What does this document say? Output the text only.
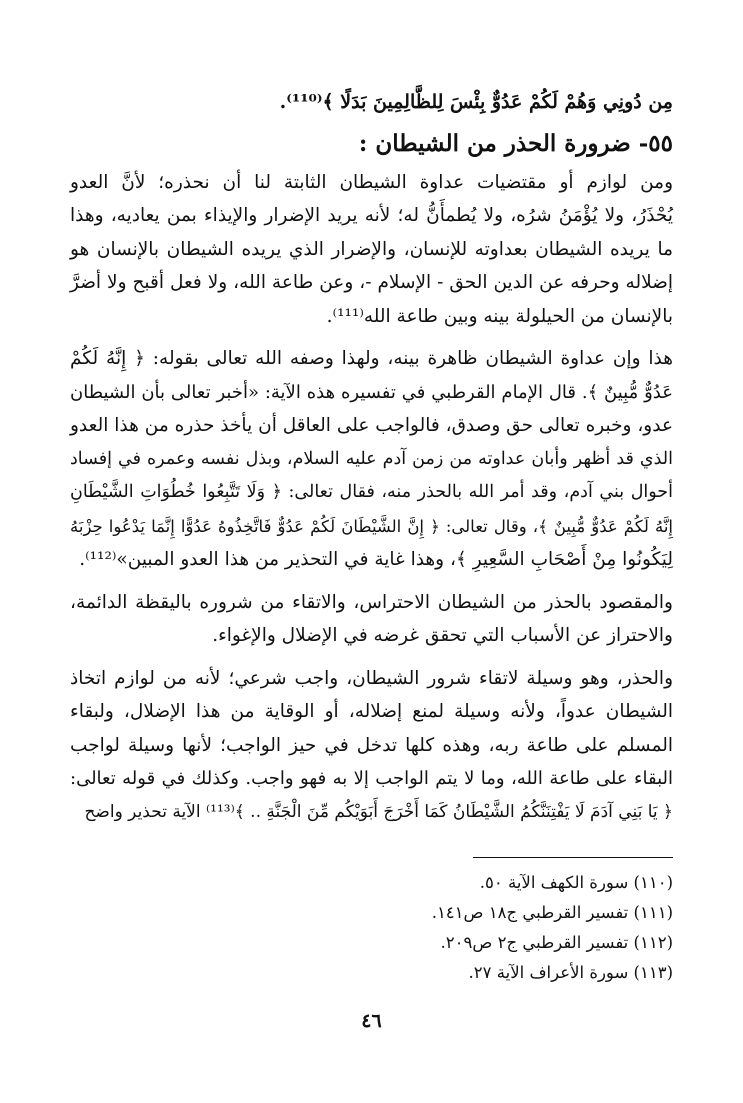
مِن دُونِي وَهُمْ لَكُمْ عَدُوٌّ بِئْسَ لِلظَّالِمِينَ بَدَلًا ﴾⁽¹¹⁰⁾.

٥٥- ضرورة الحذر من الشيطان :

ومن لوازم أو مقتضيات عداوة الشيطان الثابتة لنا أن نحذره؛ لأنَّ العدو

يُحْذَرُ، ولا يُؤْمَنُ شرُه، ولا يُطمأَنُّ له؛ لأنه يريد الإضرار والإيذاء بمن يعاديه، وهذا

ما يريده الشيطان بعداوته للإنسان، والإضرار الذي يريده الشيطان بالإنسان هو

إضلاله وحرفه عن الدين الحق - الإسلام -، وعن طاعة الله، ولا فعل أقبح ولا أضرَّ

بالإنسان من الحيلولة بينه وبين طاعة الله⁽¹¹¹⁾.

هذا وإن عداوة الشيطان ظاهرة بينه، ولهذا وصفه الله تعالى بقوله: ﴿ إِنَّهُ لَكُمْ

عَدُوٌّ مُّبِينٌ ﴾. قال الإمام القرطبي في تفسيره هذه الآية: «أخبر تعالى بأن الشيطان

عدو، وخبره تعالى حق وصدق، فالواجب على العاقل أن يأخذ حذره من هذا العدو

الذي قد أظهر وأبان عداوته من زمن آدم عليه السلام، وبذل نفسه وعمره في إفساد

أحوال بني آدم، وقد أمر الله بالحذر منه، فقال تعالى: ﴿ وَلَا تَتَّبِعُوا خُطُوَاتِ الشَّيْطَانِ

إِنَّهُ لَكُمْ عَدُوٌّ مُّبِينٌ ﴾، وقال تعالى: ﴿ إِنَّ الشَّيْطَانَ لَكُمْ عَدُوٌّ فَاتَّخِذُوهُ عَدُوًّا إِنَّمَا يَدْعُوا حِزْبَهُ

لِيَكُونُوا مِنْ أَصْحَابِ السَّعِيرِ ﴾، وهذا غاية في التحذير من هذا العدو المبين»⁽¹¹²⁾.

والمقصود بالحذر من الشيطان الاحتراس، والاتقاء من شروره باليقظة الدائمة،

والاحتراز عن الأسباب التي تحقق غرضه في الإضلال والإغواء.

والحذر، وهو وسيلة لاتقاء شرور الشيطان، واجب شرعي؛ لأنه من لوازم اتخاذ

الشيطان عدواً، ولأنه وسيلة لمنع إضلاله، أو الوقاية من هذا الإضلال، ولبقاء

المسلم على طاعة ربه، وهذه كلها تدخل في حيز الواجب؛ لأنها وسيلة لواجب

البقاء على طاعة الله، وما لا يتم الواجب إلا به فهو واجب. وكذلك في قوله تعالى:

﴿ يَا بَنِي آدَمَ لَا يَفْتِنَنَّكُمُ الشَّيْطَانُ كَمَا أَخْرَجَ أَبَوَيْكُم مِّنَ الْجَنَّةِ .. ﴾⁽¹¹³⁾ الآية تحذير واضح

(١١٠) سورة الكهف الآية ٥٠.

(١١١) تفسير القرطبي ج١٨ ص١٤١.

(١١٢) تفسير القرطبي ج٢ ص٢٠٩.

(١١٣) سورة الأعراف الآية ٢٧.

٤٦
